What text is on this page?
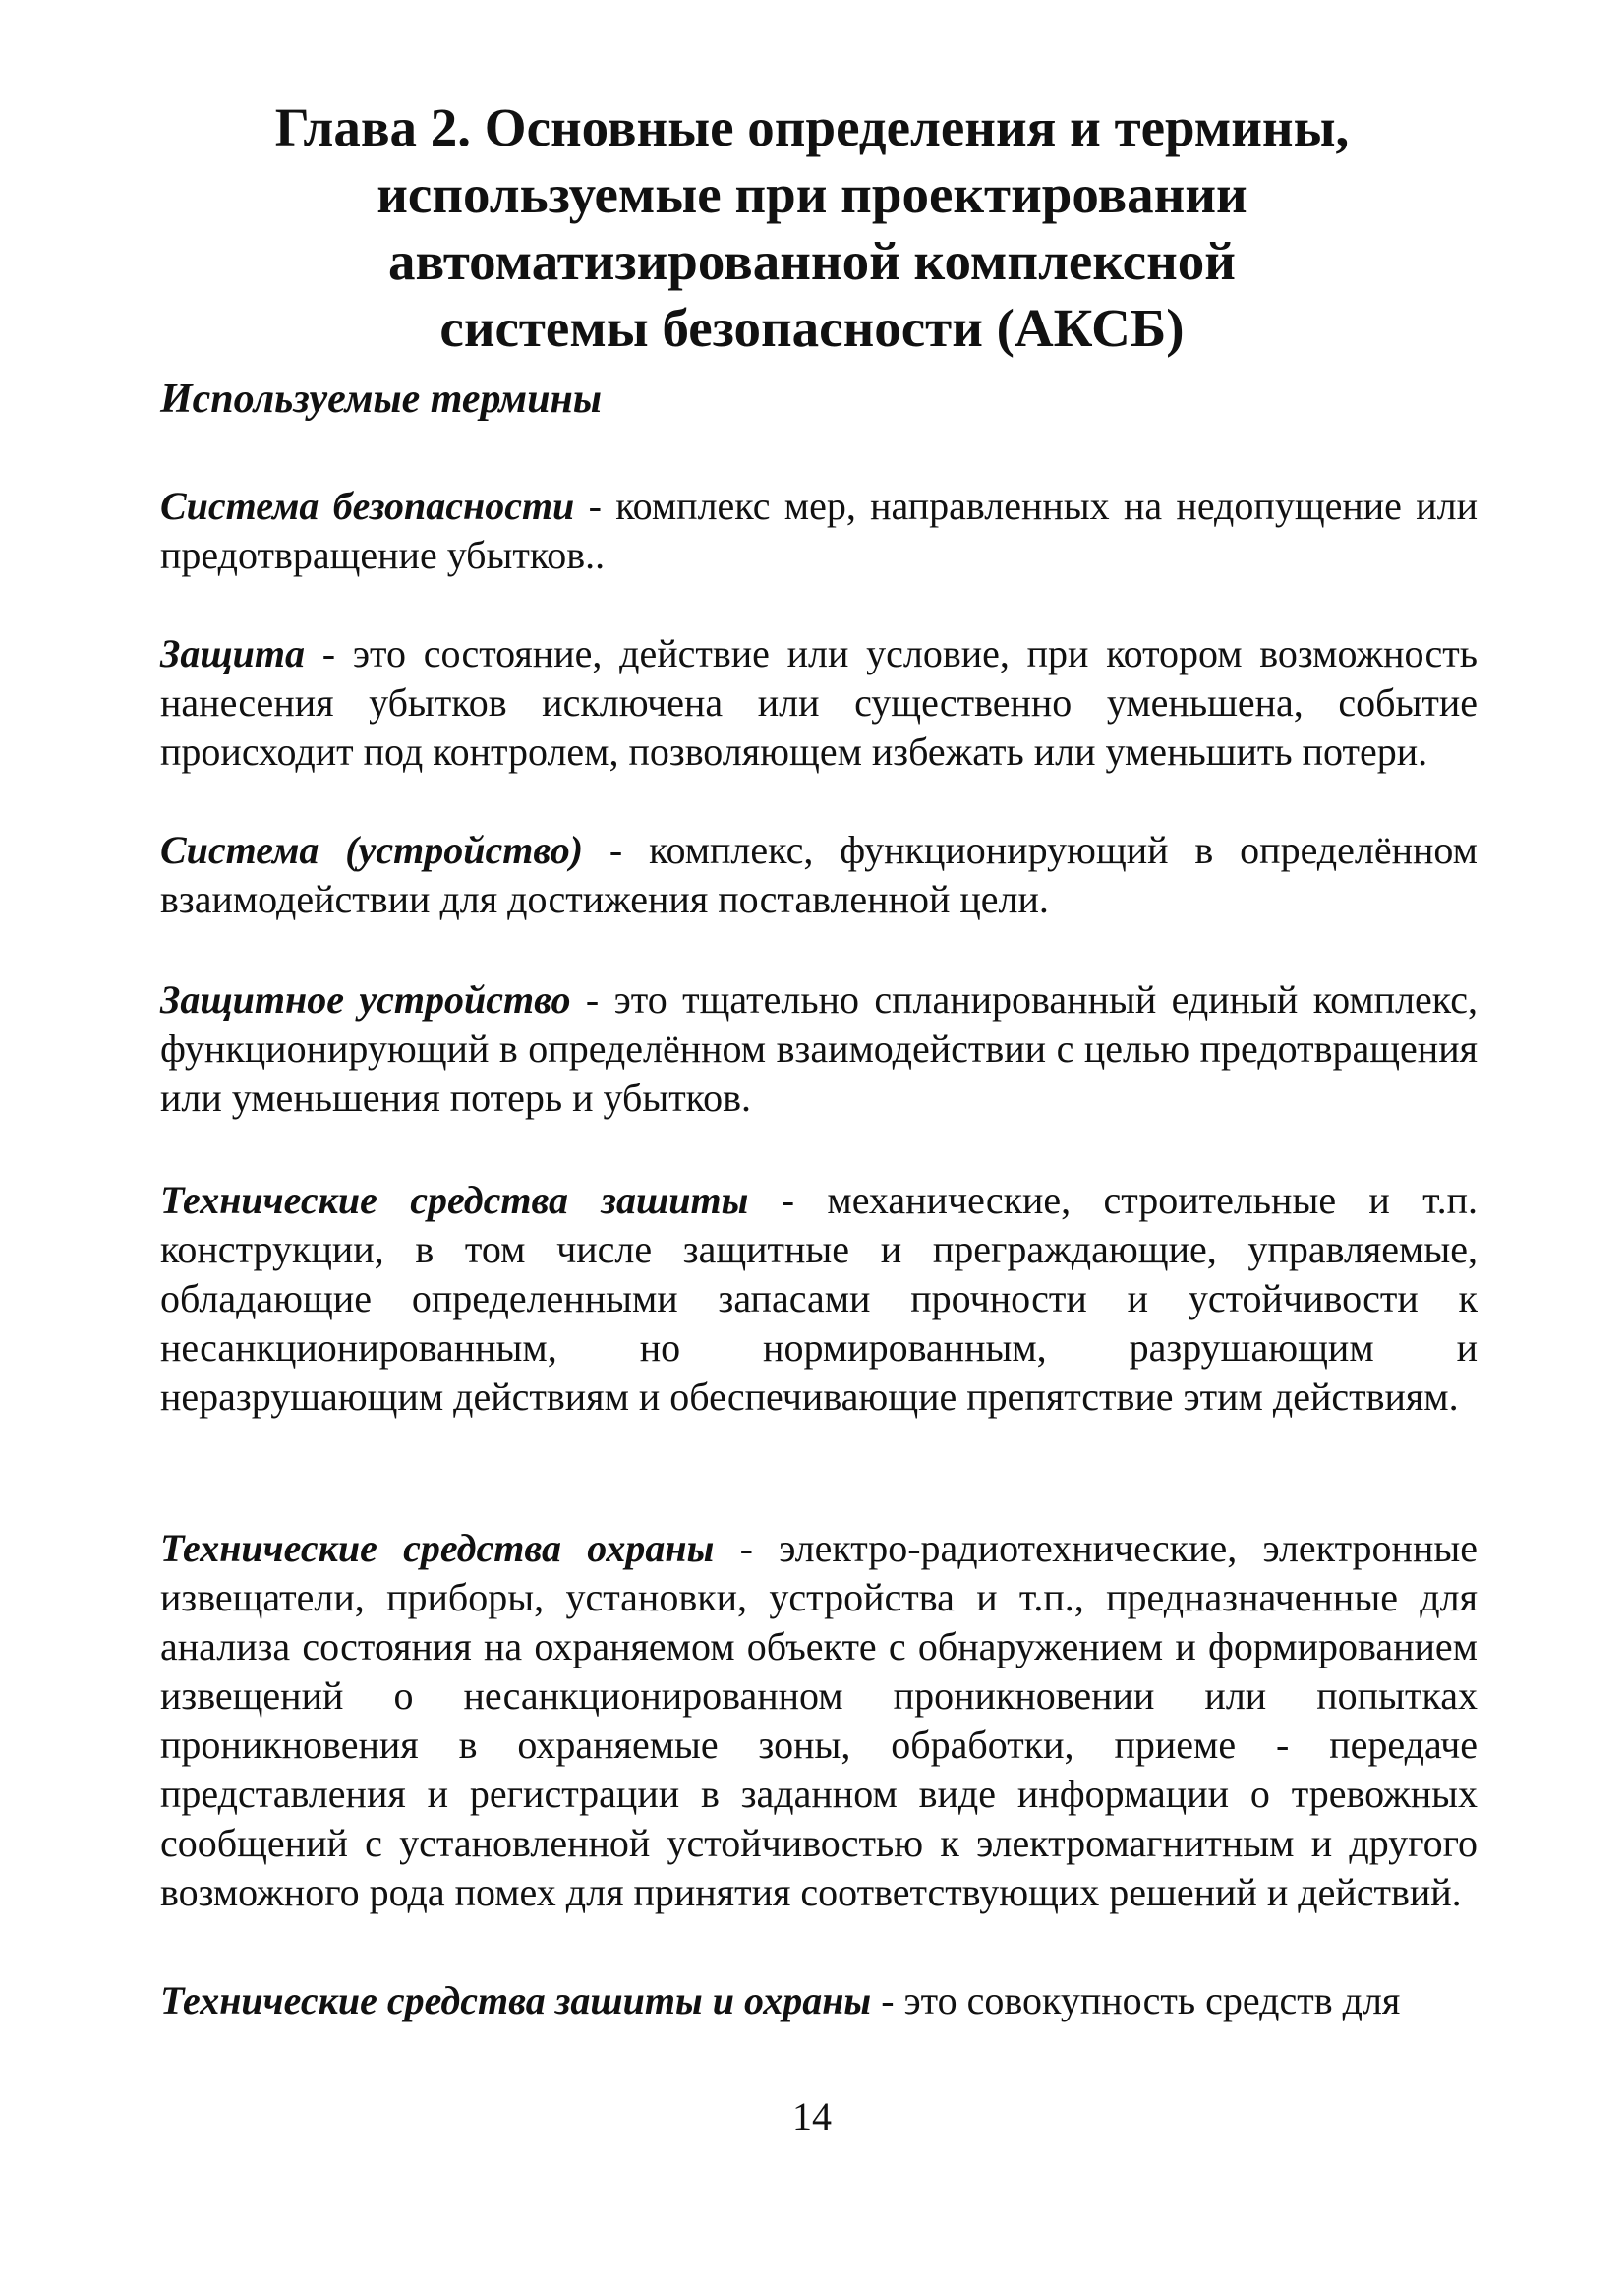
Глава 2. Основные определения и термины,
используемые при проектировании
автоматизированной комплексной
системы безопасности (АКСБ)

Используемые термины

Система безопасности - комплекс мер, направленных на недопущение или предотвращение убытков..

Защита - это состояние, действие или условие, при котором возможность нанесения убытков исключена или существенно уменьшена, событие происходит под контролем, позволяющем избежать или уменьшить потери.

Система (устройство) - комплекс, функционирующий в определённом взаимодействии для достижения поставленной цели.

Защитное устройство - это тщательно спланированный единый комплекс, функционирующий в определённом взаимодействии с целью предотвращения или уменьшения потерь и убытков.

Технические средства зашиты - механические, строительные и т.п. конструкции, в том числе защитные и преграждающие, управляемые, обладающие определенными запасами прочности и устойчивости к несанкционированным, но нормированным, разрушающим и неразрушающим действиям и обеспечивающие препятствие этим действиям.

Технические средства охраны - электро-радиотехнические, электронные извещатели, приборы, установки, устройства и т.п., предназначенные для анализа состояния на охраняемом объекте с обнаружением и формированием извещений о несанкционированном проникновении или попытках проникновения в охраняемые зоны, обработки, приеме - передаче представления и регистрации в заданном виде информации о тревожных сообщений с установленной устойчивостью к электромагнитным и другого возможного рода помех для принятия соответствующих решений и действий.

Технические средства зашиты и охраны - это совокупность средств для

14
